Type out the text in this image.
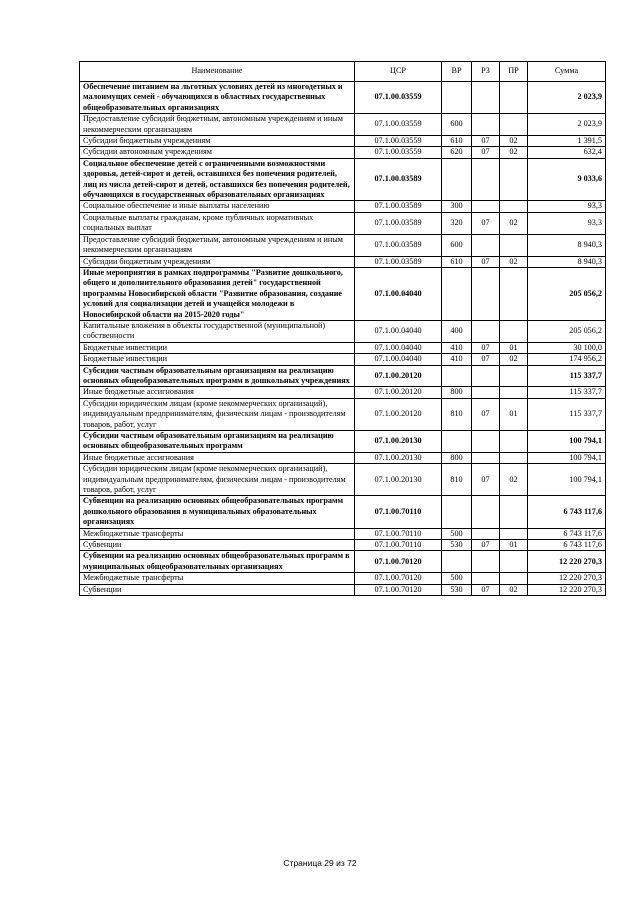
Наименование	ЦСР	ВР	РЗ	ПР	Сумма
Обеспечение питанием на льготных условиях детей из многодетных и малоимущих семей - обучающихся в областных государственных общеобразовательных организациях	07.1.00.03559				2 023,9
Предоставление субсидий бюджетным, автономным учреждениям и иным некоммерческим организациям	07.1.00.03559	600			2 023,9
Субсидии бюджетным учреждениям	07.1.00.03559	610	07	02	1 391,5
Субсидии автономным учреждениям	07.1.00.03559	620	07	02	632,4
Социальное обеспечение детей с ограниченными возможностями здоровья, детей-сирот и детей, оставшихся без попечения родителей, лиц из числа детей-сирот и детей, оставшихся без попечения родителей, обучающихся в государственных образовательных организациях	07.1.00.03589				9 033,6
Социальное обеспечение и иные выплаты населению	07.1.00.03589	300			93,3
Социальные выплаты гражданам, кроме публичных нормативных социальных выплат	07.1.00.03589	320	07	02	93,3
Предоставление субсидий бюджетным, автономным учреждениям и иным некоммерческим организациям	07.1.00.03589	600			8 940,3
Субсидии бюджетным учреждениям	07.1.00.03589	610	07	02	8 940,3
Иные мероприятия в рамках подпрограммы "Развитие дошкольного, общего и дополнительного образования детей" государственной программы Новосибирской области "Развитие образования, создание условий для социализации детей и учащейся молодежи в Новосибирской области на 2015-2020 годы"	07.1.00.04040				205 056,2
Капитальные вложения в объекты государственной (муниципальной) собственности	07.1.00.04040	400			205 056,2
Бюджетные инвестиции	07.1.00.04040	410	07	01	30 100,0
Бюджетные инвестиции	07.1.00.04040	410	07	02	174 956,2
Субсидии частным образовательным организациям на реализацию основных общеобразовательных программ в дошкольных учреждениях	07.1.00.20120				115 337,7
Иные бюджетные ассигнования	07.1.00.20120	800			115 337,7
Субсидии юридическим лицам (кроме некоммерческих организаций), индивидуальным предпринимателям, физическим лицам - производителям товаров, работ, услуг	07.1.00.20120	810	07	01	115 337,7
Субсидии частным образовательным организациям на реализацию основных общеобразовательных программ	07.1.00.20130				100 794,1
Иные бюджетные ассигнования	07.1.00.20130	800			100 794,1
Субсидии юридическим лицам (кроме некоммерческих организаций), индивидуальным предпринимателям, физическим лицам - производителям товаров, работ, услуг	07.1.00.20130	810	07	02	100 794,1
Субвенции на реализацию основных общеобразовательных программ дошкольного образования в муниципальных образовательных организациях	07.1.00.70110				6 743 117,6
Межбюджетные трансферты	07.1.00.70110	500			6 743 117,6
Субвенции	07.1.00.70110	530	07	01	6 743 117,6
Субвенции на реализацию основных общеобразовательных программ в муниципальных общеобразовательных организациях	07.1.00.70120				12 220 270,3
Межбюджетные трансферты	07.1.00.70120	500			12 220 270,3
Субвенции	07.1.00.70120	530	07	02	12 220 270,3
Страница 29 из 72
